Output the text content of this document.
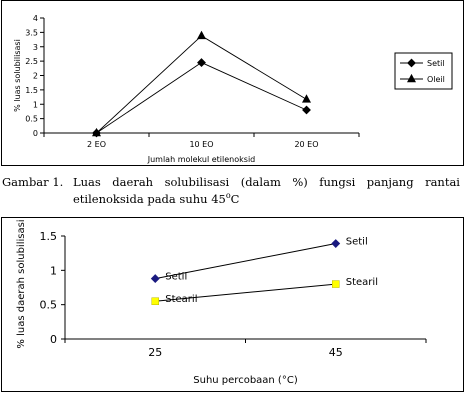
0
0.5
1
1.5
2
2.5
3
3.5
4
2 EO	10 EO	20 EO
Jumlah molekul etilenoksid
% luas solubilisasi	Setil
Oleil
Gambar 1. Luas daerah solubilisasi (dalam %) fungsi panjang rantai etilenoksida pada suhu 45$^o$C
0
0.5
1
1.5
25	45
Suhu percobaan (°C)
% luas daerah solubilisasi	Setil
Setil
Stearil
Stearil
